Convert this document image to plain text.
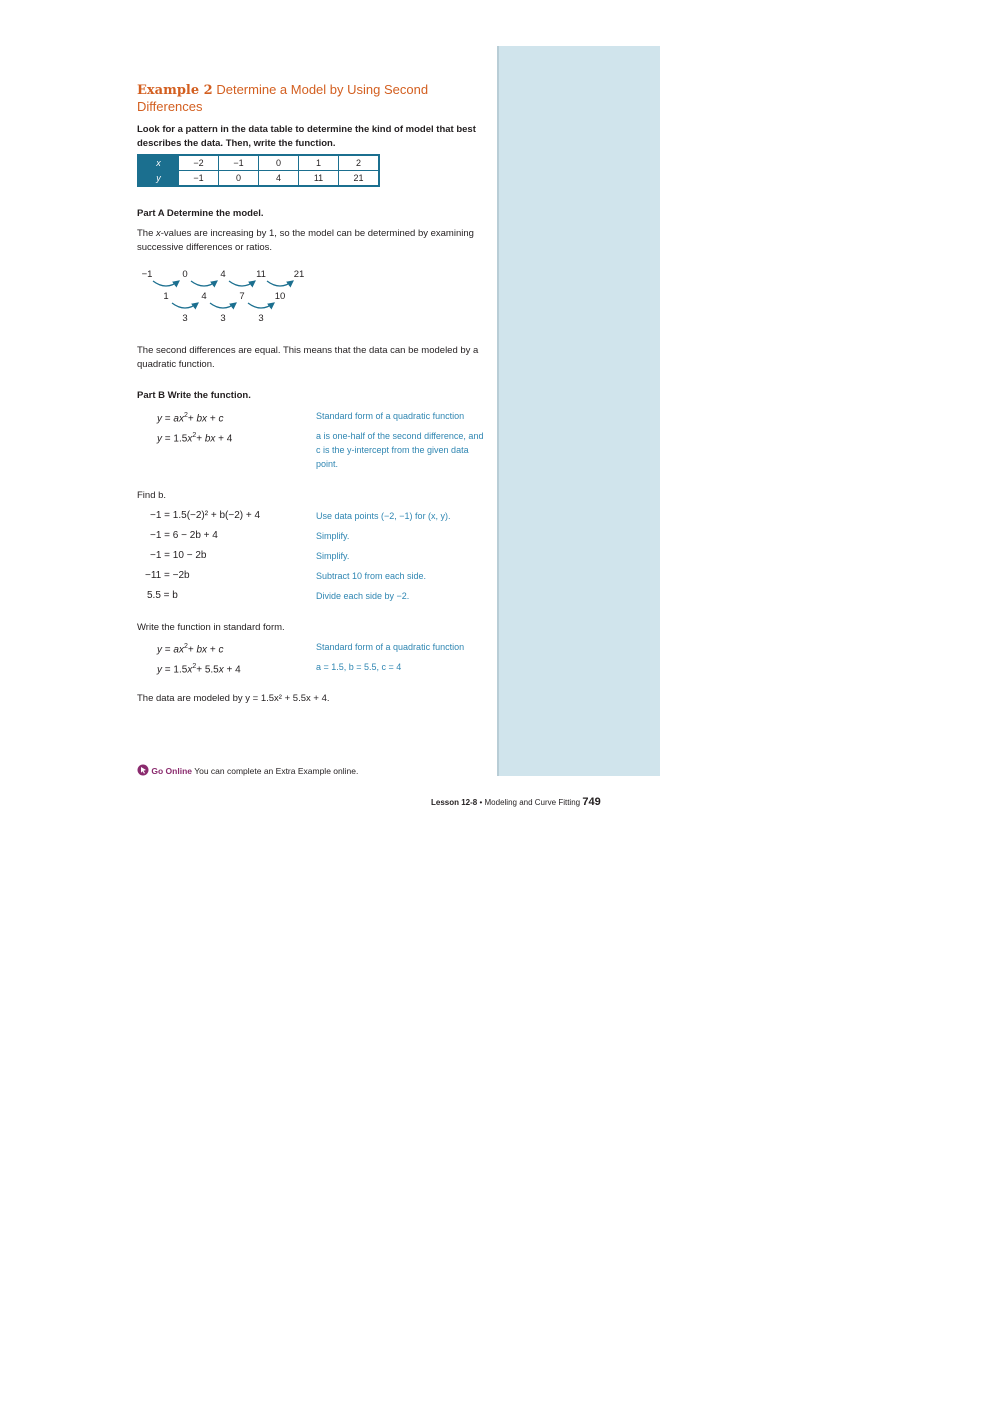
Example 2 Determine a Model by Using Second Differences
Look for a pattern in the data table to determine the kind of model that best describes the data. Then, write the function.
x	−2	−1	0	1	2
y	−1	0	4	11	21
Part A Determine the model.
The x-values are increasing by 1, so the model can be determined by examining successive differences or ratios.
−1	0	4	11	21
1	4	7	10
3	3	3
The second differences are equal. This means that the data can be modeled by a quadratic function.
Part B Write the function.
$y = ax^2+$ bx + c	Standard form of a quadratic function
$y = 1.5x^2+$ bx + 4	a is one-half of the second difference, and c is the y-intercept from the given data point.
Find b.
−1 = 1.5(−2)² + b(−2) + 4	Use data points (−2, −1) for (x, y).
−1 = 6 − 2b + 4	Simplify.
−1 = 10 − 2b	Simplify.
−11 = −2b	Subtract 10 from each side.
5.5 = b	Divide each side by −2.
Write the function in standard form.
$y = ax^2+$ bx + c	Standard form of a quadratic function
$y = 1.5x^2+ 5.5x + 4$	a = 1.5, b = 5.5, c = 4
The data are modeled by y = 1.5x² + 5.5x + 4.
Go Online You can complete an Extra Example online.
Lesson 12-8 • Modeling and Curve Fitting 749
